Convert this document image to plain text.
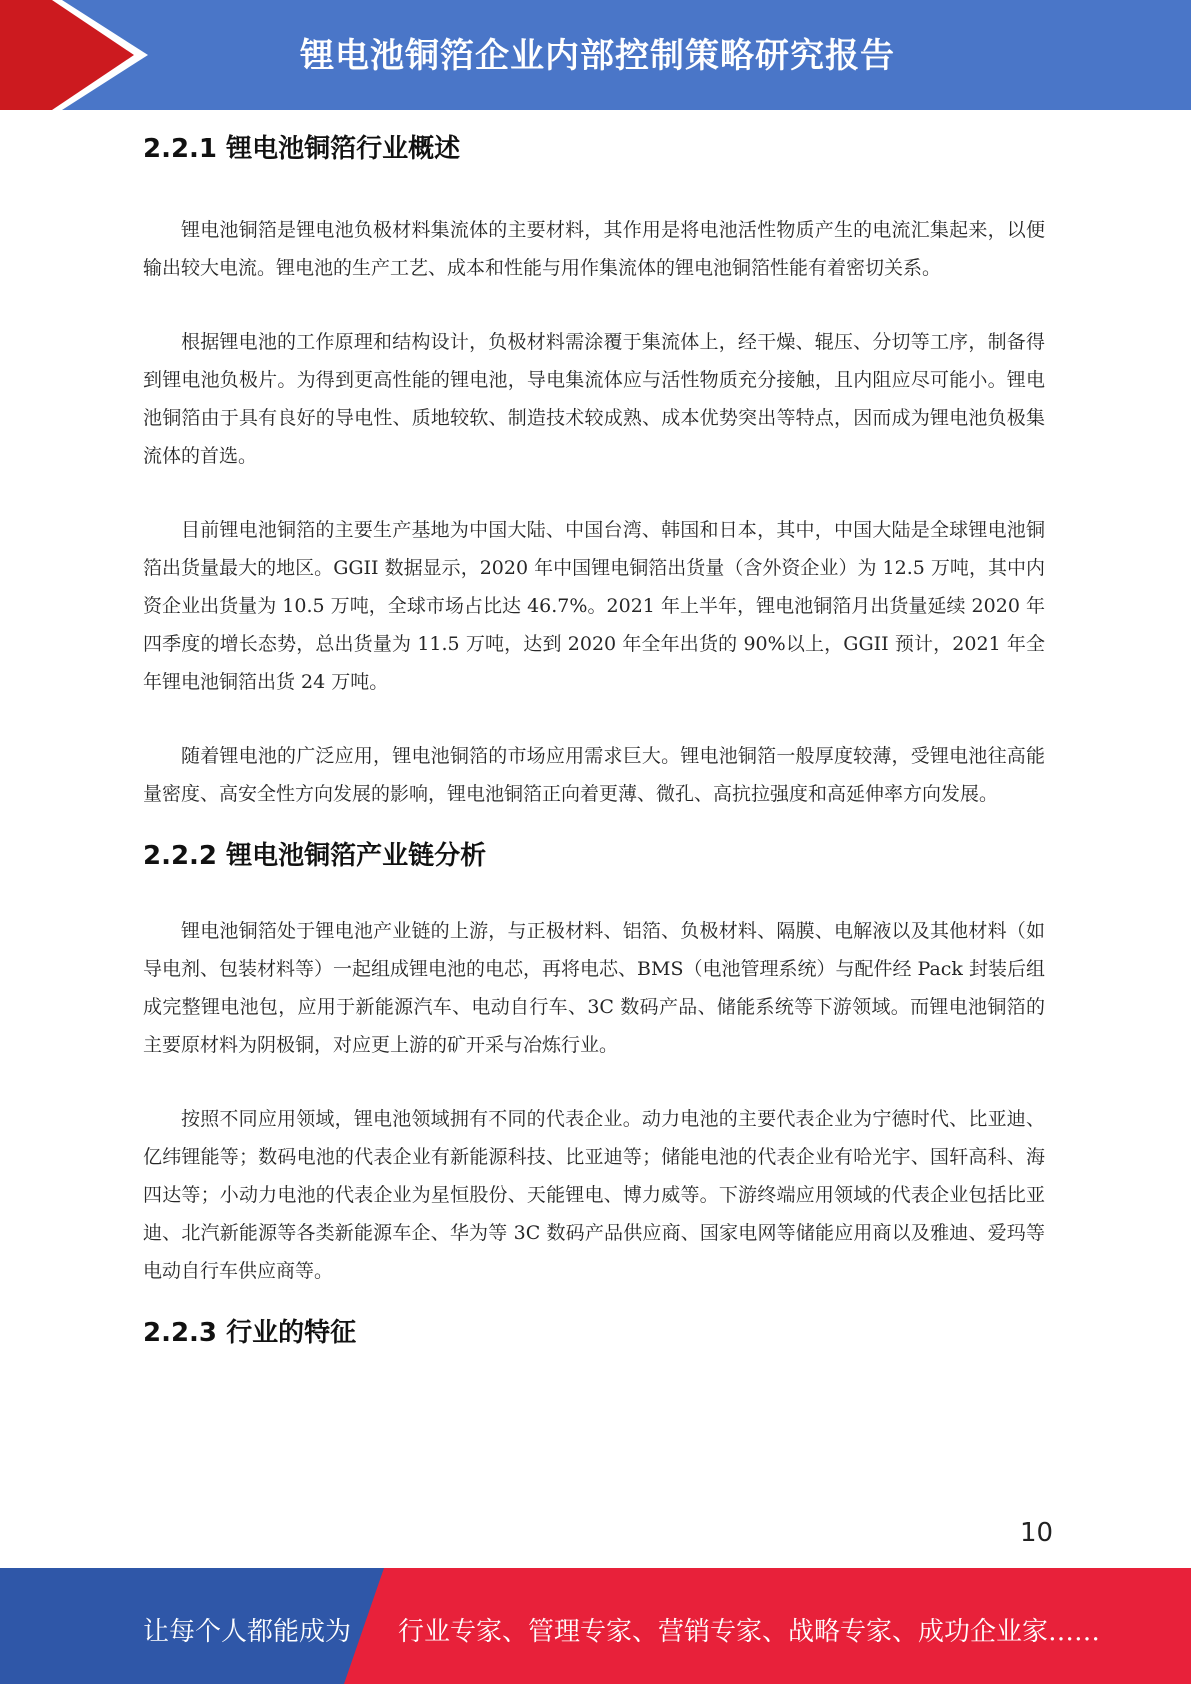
锂电池铜箔企业内部控制策略研究报告
2.2.1 锂电池铜箔行业概述

锂电池铜箔是锂电池负极材料集流体的主要材料，其作用是将电池活性物质产生的电流汇集起来，以便输出较大电流。锂电池的生产工艺、成本和性能与用作集流体的锂电池铜箔性能有着密切关系。

根据锂电池的工作原理和结构设计，负极材料需涂覆于集流体上，经干燥、辊压、分切等工序，制备得到锂电池负极片。为得到更高性能的锂电池，导电集流体应与活性物质充分接触，且内阻应尽可能小。锂电池铜箔由于具有良好的导电性、质地较软、制造技术较成熟、成本优势突出等特点，因而成为锂电池负极集流体的首选。

目前锂电池铜箔的主要生产基地为中国大陆、中国台湾、韩国和日本，其中，中国大陆是全球锂电池铜箔出货量最大的地区。GGII 数据显示，2020 年中国锂电铜箔出货量（含外资企业）为 12.5 万吨，其中内资企业出货量为 10.5 万吨，全球市场占比达 46.7%。2021 年上半年，锂电池铜箔月出货量延续 2020 年四季度的增长态势，总出货量为 11.5 万吨，达到 2020 年全年出货的 90%以上，GGII 预计，2021 年全年锂电池铜箔出货 24 万吨。

随着锂电池的广泛应用，锂电池铜箔的市场应用需求巨大。锂电池铜箔一般厚度较薄，受锂电池往高能量密度、高安全性方向发展的影响，锂电池铜箔正向着更薄、微孔、高抗拉强度和高延伸率方向发展。

2.2.2 锂电池铜箔产业链分析

锂电池铜箔处于锂电池产业链的上游，与正极材料、铝箔、负极材料、隔膜、电解液以及其他材料（如导电剂、包装材料等）一起组成锂电池的电芯，再将电芯、BMS（电池管理系统）与配件经 Pack 封装后组成完整锂电池包，应用于新能源汽车、电动自行车、3C 数码产品、储能系统等下游领域。而锂电池铜箔的主要原材料为阴极铜，对应更上游的矿开采与冶炼行业。

按照不同应用领域，锂电池领域拥有不同的代表企业。动力电池的主要代表企业为宁德时代、比亚迪、亿纬锂能等；数码电池的代表企业有新能源科技、比亚迪等；储能电池的代表企业有哈光宇、国轩高科、海四达等；小动力电池的代表企业为星恒股份、天能锂电、博力威等。下游终端应用领域的代表企业包括比亚迪、北汽新能源等各类新能源车企、华为等 3C 数码产品供应商、国家电网等储能应用商以及雅迪、爱玛等电动自行车供应商等。

2.2.3 行业的特征
10
让每个人都能成为 行业专家、管理专家、营销专家、战略专家、成功企业家……
